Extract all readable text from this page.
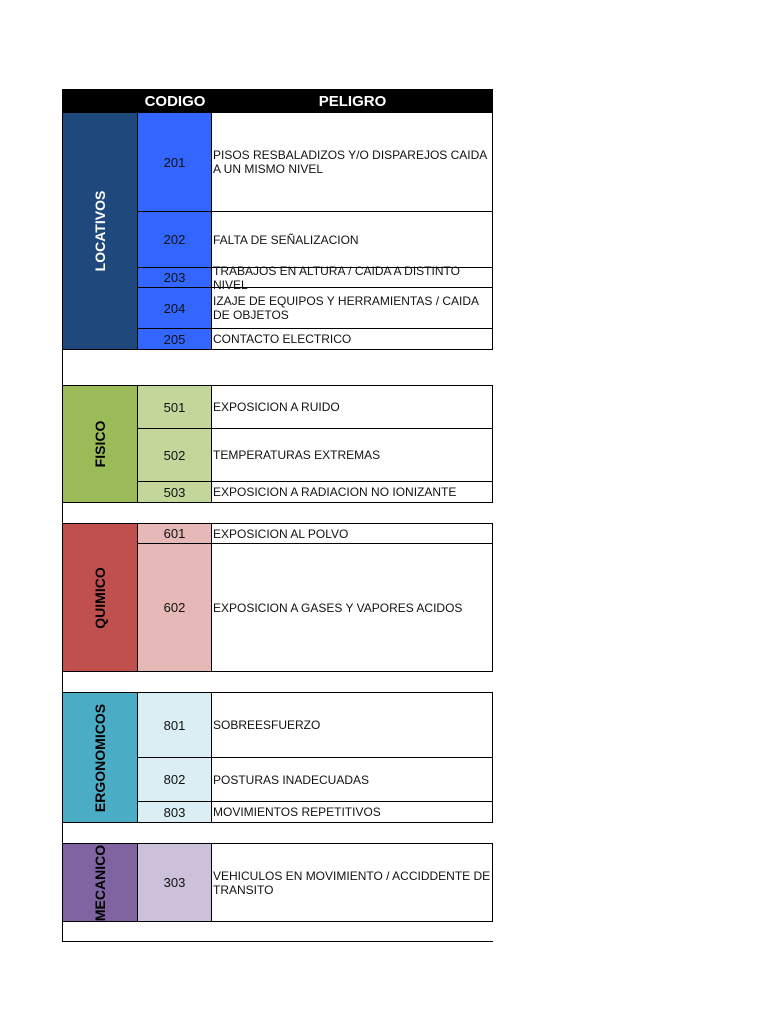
CODIGO	PELIGRO
LOCATIVOS
201	PISOS RESBALADIZOS Y/O DISPAREJOS CAIDA A UN MISMO NIVEL
202	FALTA DE SEÑALIZACION
203	TRABAJOS EN ALTURA / CAIDA A DISTINTO NIVEL
204	IZAJE DE EQUIPOS Y HERRAMIENTAS / CAIDA DE OBJETOS
205	CONTACTO ELECTRICO
FISICO
501	EXPOSICION A RUIDO
502	TEMPERATURAS EXTREMAS
503	EXPOSICION A RADIACION NO IONIZANTE
QUIMICO
601	EXPOSICION AL POLVO
602	EXPOSICION A GASES Y VAPORES ACIDOS
ERGONOMICOS	801	SOBREESFUERZO
802	POSTURAS INADECUADAS
803	MOVIMIENTOS REPETITIVOS
MECANICO	303	VEHICULOS EN MOVIMIENTO / ACCIDDENTE DE TRANSITO
